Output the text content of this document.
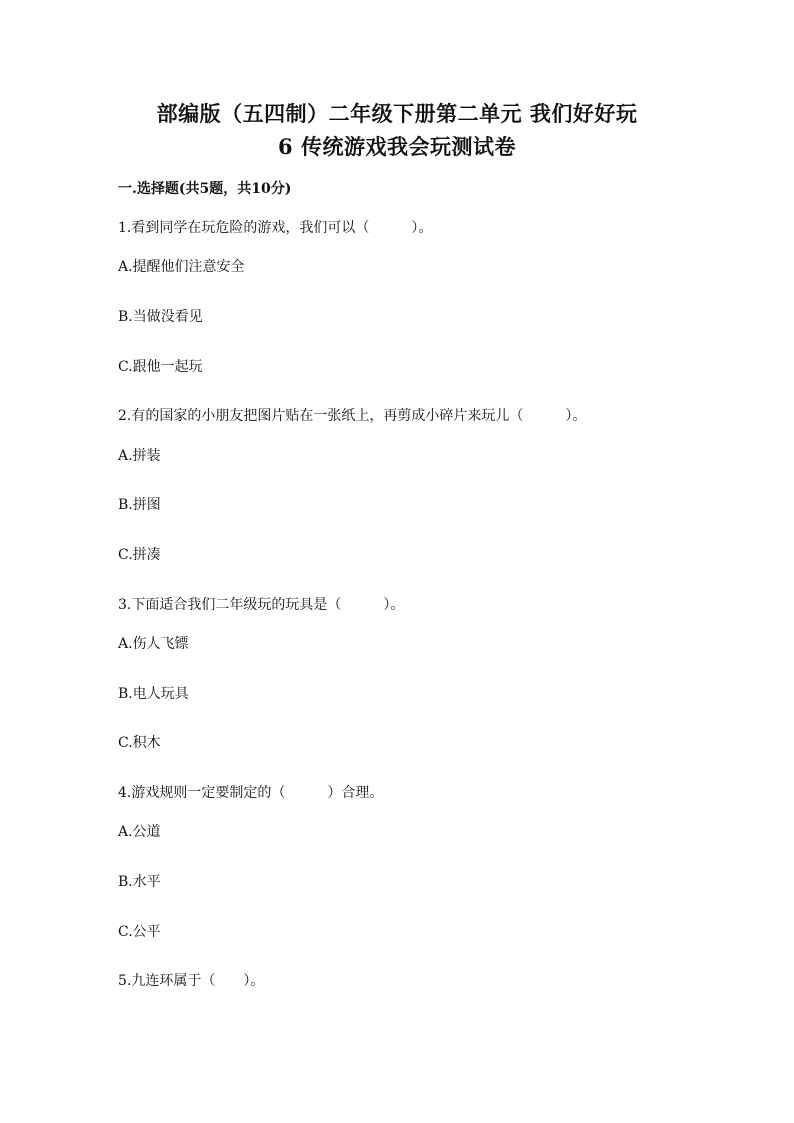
部编版（五四制）二年级下册第二单元 我们好好玩
6 传统游戏我会玩测试卷
一.选择题(共5题，共10分)
1.看到同学在玩危险的游戏，我们可以（　　　）。
A.提醒他们注意安全
B.当做没看见
C.跟他一起玩
2.有的国家的小朋友把图片贴在一张纸上，再剪成小碎片来玩儿（　　　）。
A.拼装
B.拼图
C.拼凑
3.下面适合我们二年级玩的玩具是（　　　）。
A.伤人飞镖
B.电人玩具
C.积木
4.游戏规则一定要制定的（　　　）合理。
A.公道
B.水平
C.公平
5.九连环属于（　　）。
